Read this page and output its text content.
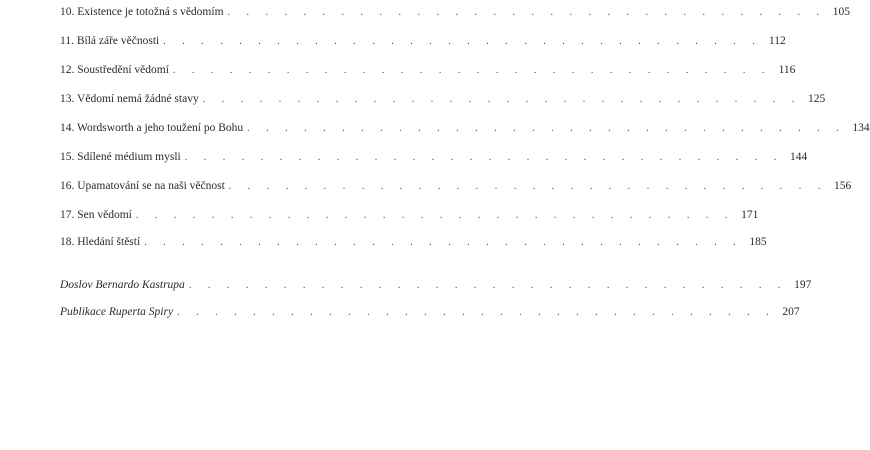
10. Existence je totožná s vědomím . . . . . . . . . . . . . . . . . . . . . . . . . . . . . . . . 105
11. Bílá záře věčnosti . . . . . . . . . . . . . . . . . . . . . . . . . . . . . . . . 112
12. Soustředění vědomí . . . . . . . . . . . . . . . . . . . . . . . . . . . . . . . . 116
13. Vědomí nemá žádné stavy . . . . . . . . . . . . . . . . . . . . . . . . . . . . . . . . 125
14. Wordsworth a jeho toužení po Bohu . . . . . . . . . . . . . . . . . . . . . . . . . . . . . . . . 134
15. Sdílené médium mysli . . . . . . . . . . . . . . . . . . . . . . . . . . . . . . . . 144
16. Upamatování se na naši věčnost . . . . . . . . . . . . . . . . . . . . . . . . . . . . . . . . 156
17. Sen vědomí . . . . . . . . . . . . . . . . . . . . . . . . . . . . . . . . 171
18. Hledání štěstí . . . . . . . . . . . . . . . . . . . . . . . . . . . . . . . . 185
Doslov Bernardo Kastrupa . . . . . . . . . . . . . . . . . . . . . . . . . . . . . . . . 197
Publikace Ruperta Spiry . . . . . . . . . . . . . . . . . . . . . . . . . . . . . . . . 207
